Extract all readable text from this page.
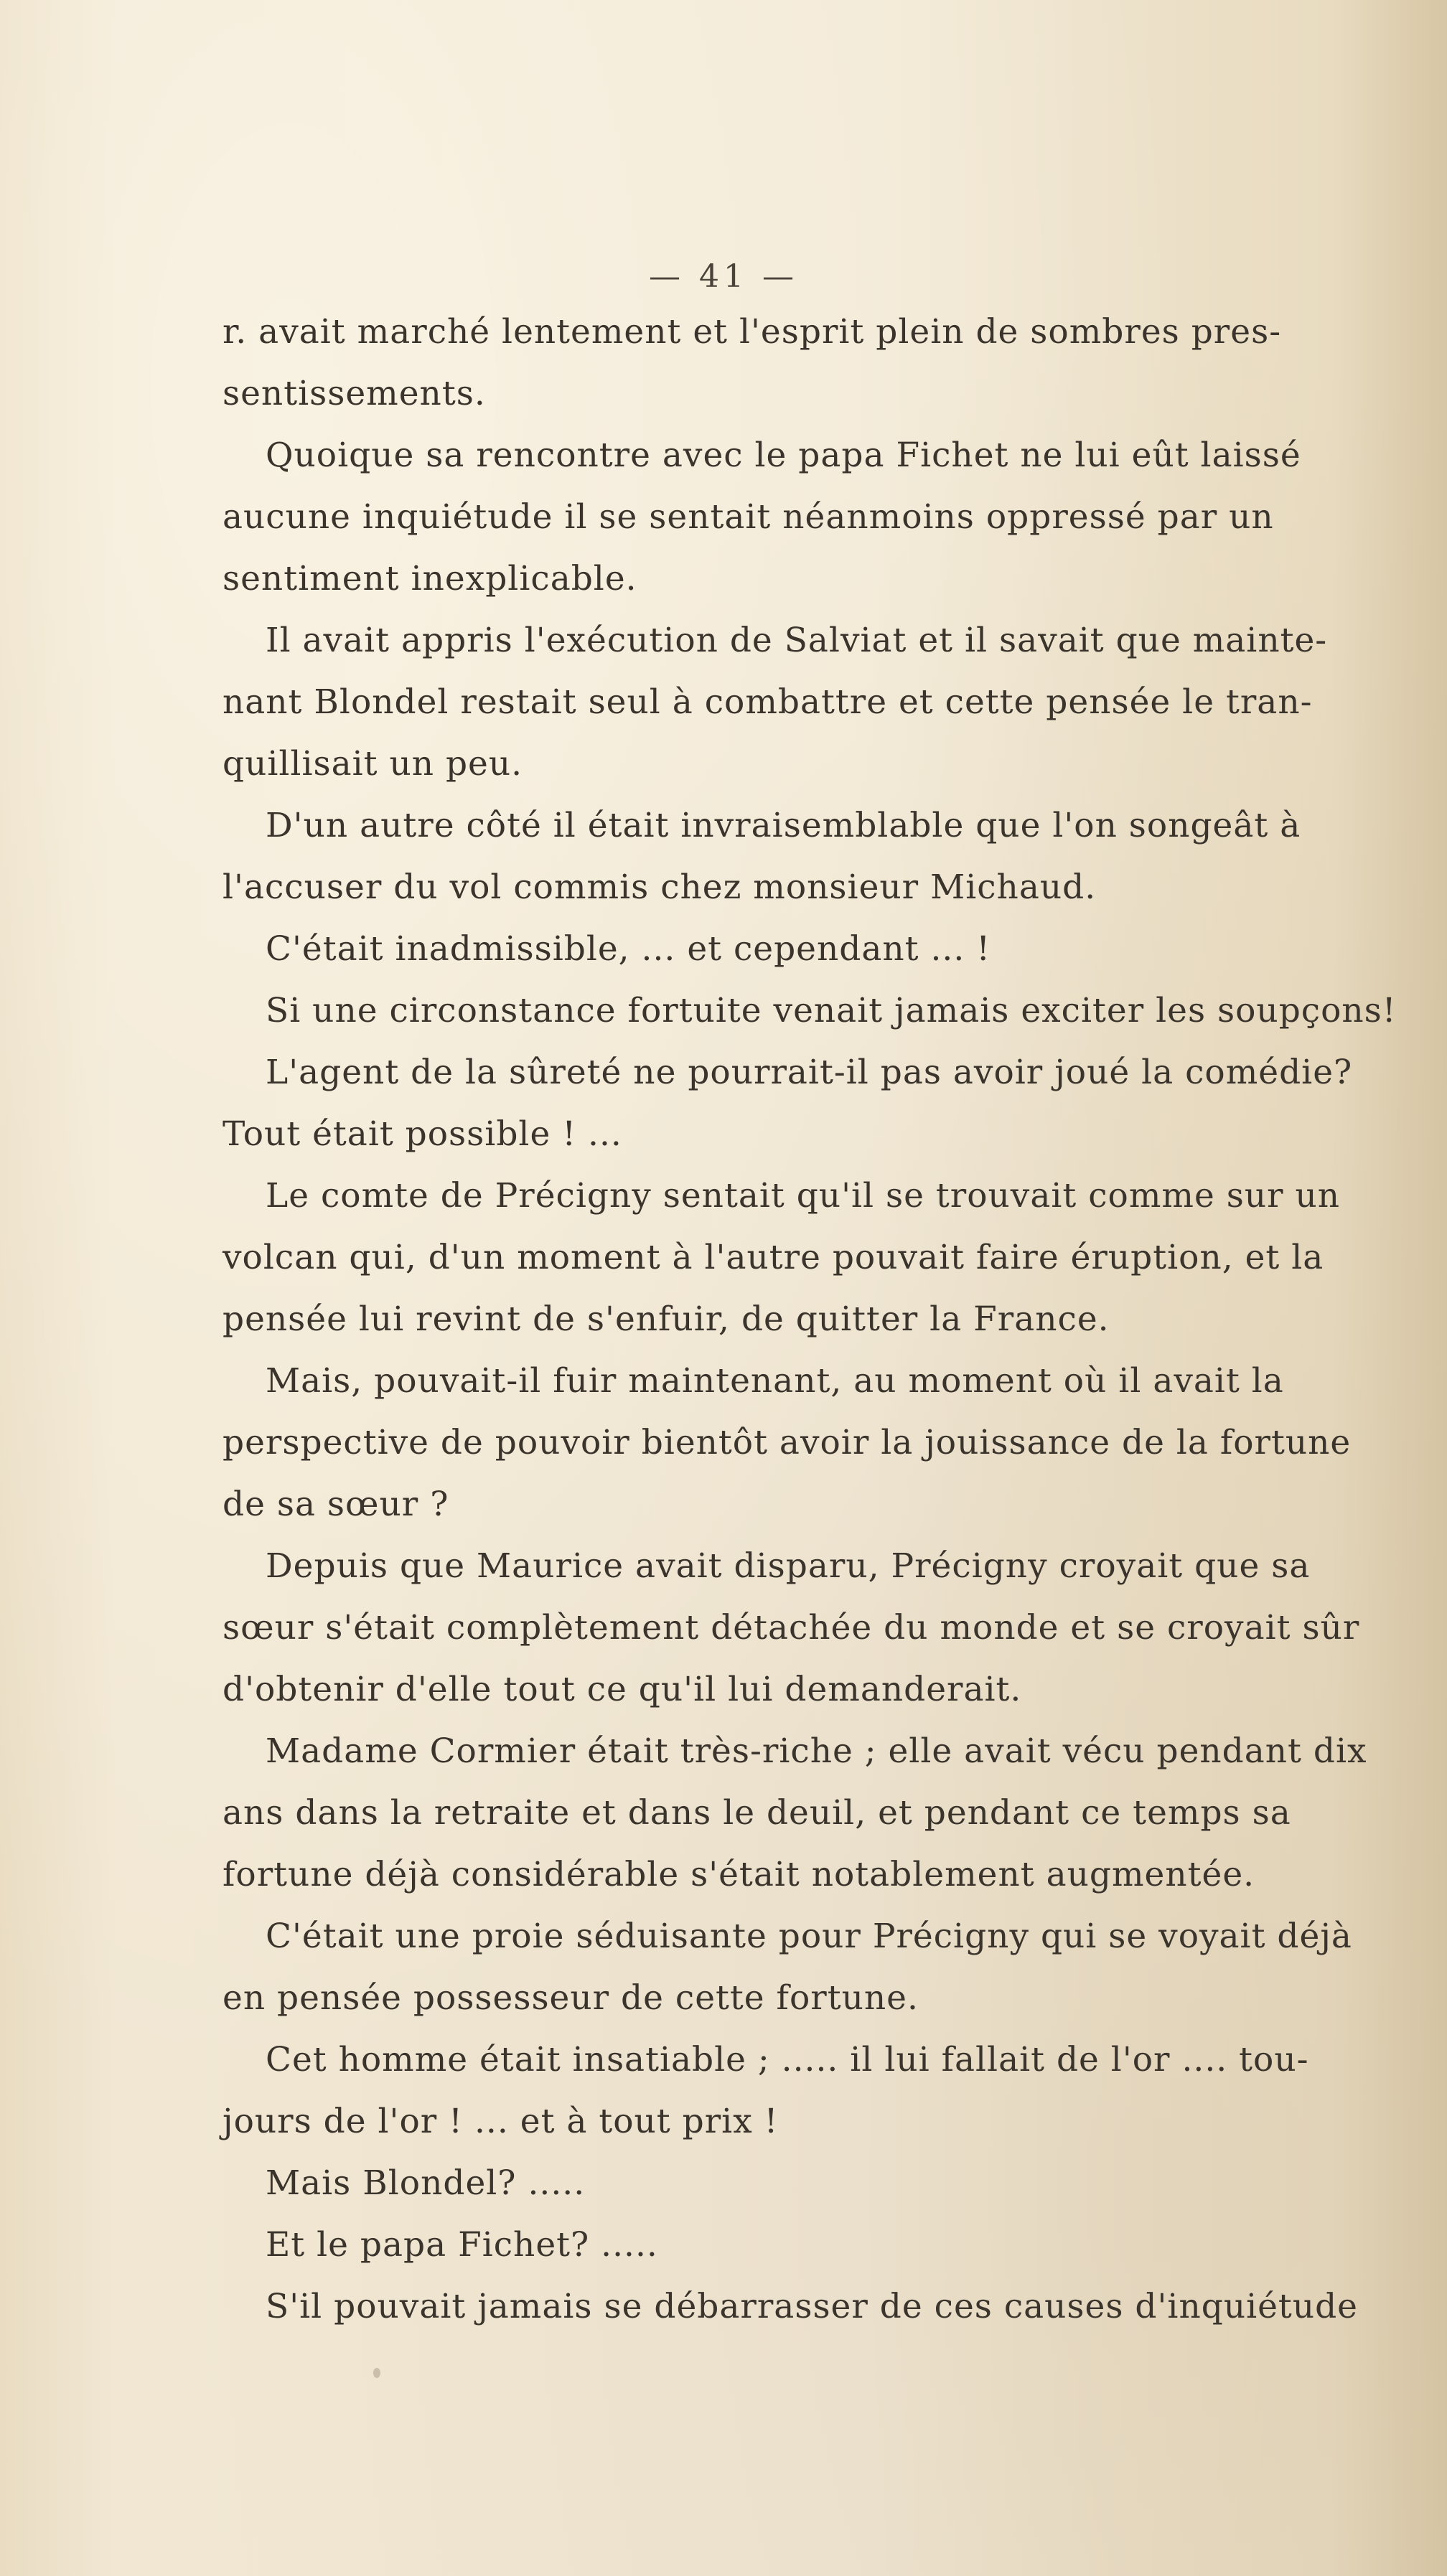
— 41 —
r. avait marché lentement et l'esprit plein de sombres pres-
sentissements.
Quoique sa rencontre avec le papa Fichet ne lui eût laissé
aucune inquiétude il se sentait néanmoins oppressé par un
sentiment inexplicable.
Il avait appris l'exécution de Salviat et il savait que mainte-
nant Blondel restait seul à combattre et cette pensée le tran-
quillisait un peu.
D'un autre côté il était invraisemblable que l'on songeât à
l'accuser du vol commis chez monsieur Michaud.
C'était inadmissible, ... et cependant ... !
Si une circonstance fortuite venait jamais exciter les soupçons!
L'agent de la sûreté ne pourrait-il pas avoir joué la comédie?
Tout était possible ! ...
Le comte de Précigny sentait qu'il se trouvait comme sur un
volcan qui, d'un moment à l'autre pouvait faire éruption, et la
pensée lui revint de s'enfuir, de quitter la France.
Mais, pouvait-il fuir maintenant, au moment où il avait la
perspective de pouvoir bientôt avoir la jouissance de la fortune
de sa sœur ?
Depuis que Maurice avait disparu, Précigny croyait que sa
sœur s'était complètement détachée du monde et se croyait sûr
d'obtenir d'elle tout ce qu'il lui demanderait.
Madame Cormier était très-riche ; elle avait vécu pendant dix
ans dans la retraite et dans le deuil, et pendant ce temps sa
fortune déjà considérable s'était notablement augmentée.
C'était une proie séduisante pour Précigny qui se voyait déjà
en pensée possesseur de cette fortune.
Cet homme était insatiable ; ..... il lui fallait de l'or .... tou-
jours de l'or ! ... et à tout prix !
Mais Blondel? .....
Et le papa Fichet? .....
S'il pouvait jamais se débarrasser de ces causes d'inquiétude
